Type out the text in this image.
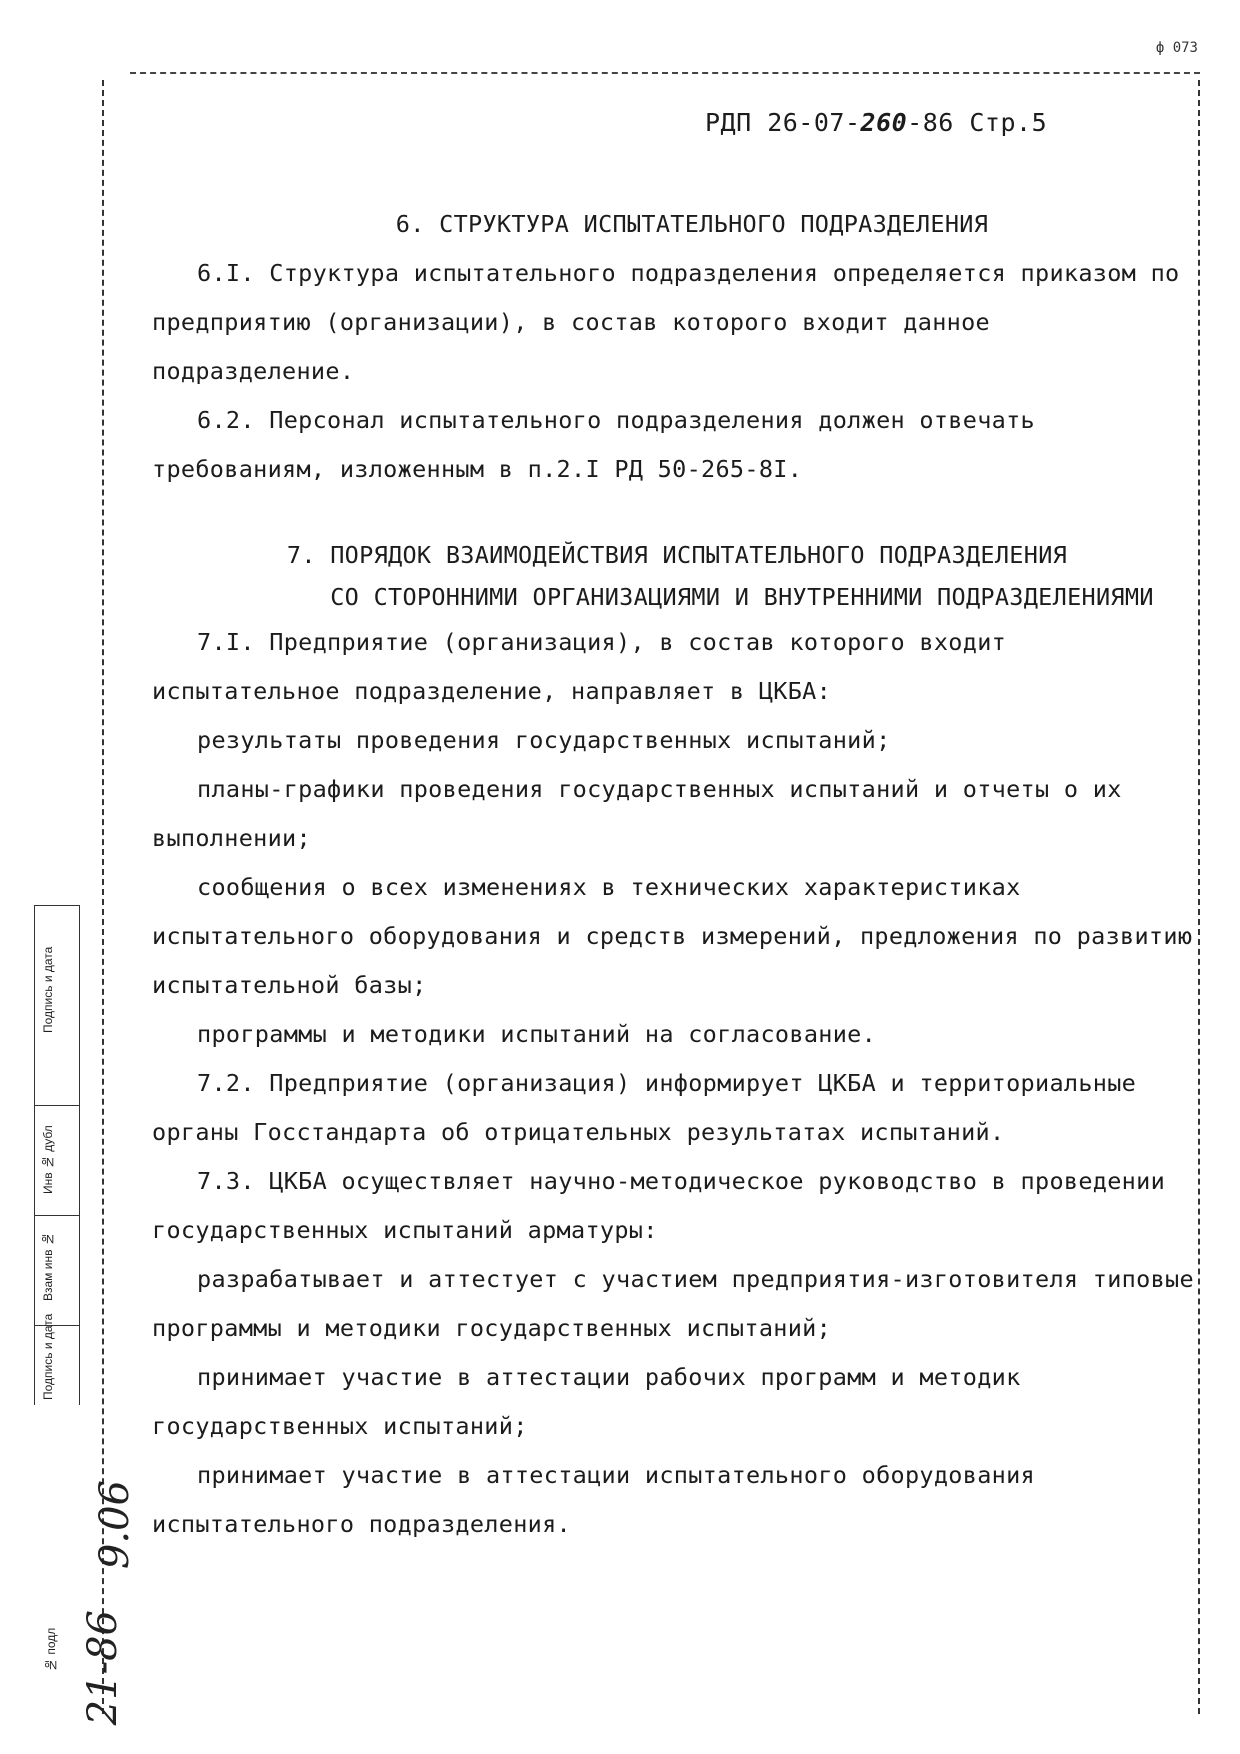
ф 073
РДП 26-07-260-86 Стр.5

6. СТРУКТУРА ИСПЫТАТЕЛЬНОГО ПОДРАЗДЕЛЕНИЯ

6.I. Структура испытательного подразделения определяется приказом по предприятию (организации), в состав которого входит данное подразделение.

6.2. Персонал испытательного подразделения должен отвечать требованиям, изложенным в п.2.I РД 50-265-8I.

7. ПОРЯДОК ВЗАИМОДЕЙСТВИЯ ИСПЫТАТЕЛЬНОГО ПОДРАЗДЕЛЕНИЯ
СО СТОРОННИМИ ОРГАНИЗАЦИЯМИ И ВНУТРЕННИМИ ПОДРАЗДЕЛЕНИЯМИ

7.I. Предприятие (организация), в состав которого входит испытательное подразделение, направляет в ЦКБА:

результаты проведения государственных испытаний;

планы-графики проведения государственных испытаний и отчеты о их выполнении;

сообщения о всех изменениях в технических характеристиках испытательного оборудования и средств измерений, предложения по развитию испытательной базы;

программы и методики испытаний на согласование.

7.2. Предприятие (организация) информирует ЦКБА и территориальные органы Госстандарта об отрицательных результатах испытаний.

7.3. ЦКБА осуществляет научно-методическое руководство в проведении государственных испытаний арматуры:

разрабатывает и аттестует с участием предприятия-изготовителя типовые программы и методики государственных испытаний;

принимает участие в аттестации рабочих программ и методик государственных испытаний;

принимает участие в аттестации испытательного оборудования испытательного подразделения.

Подпись и дата
Инв № дубл
Взам инв №
Подпись и дата
№ подл
9.06
21-86
